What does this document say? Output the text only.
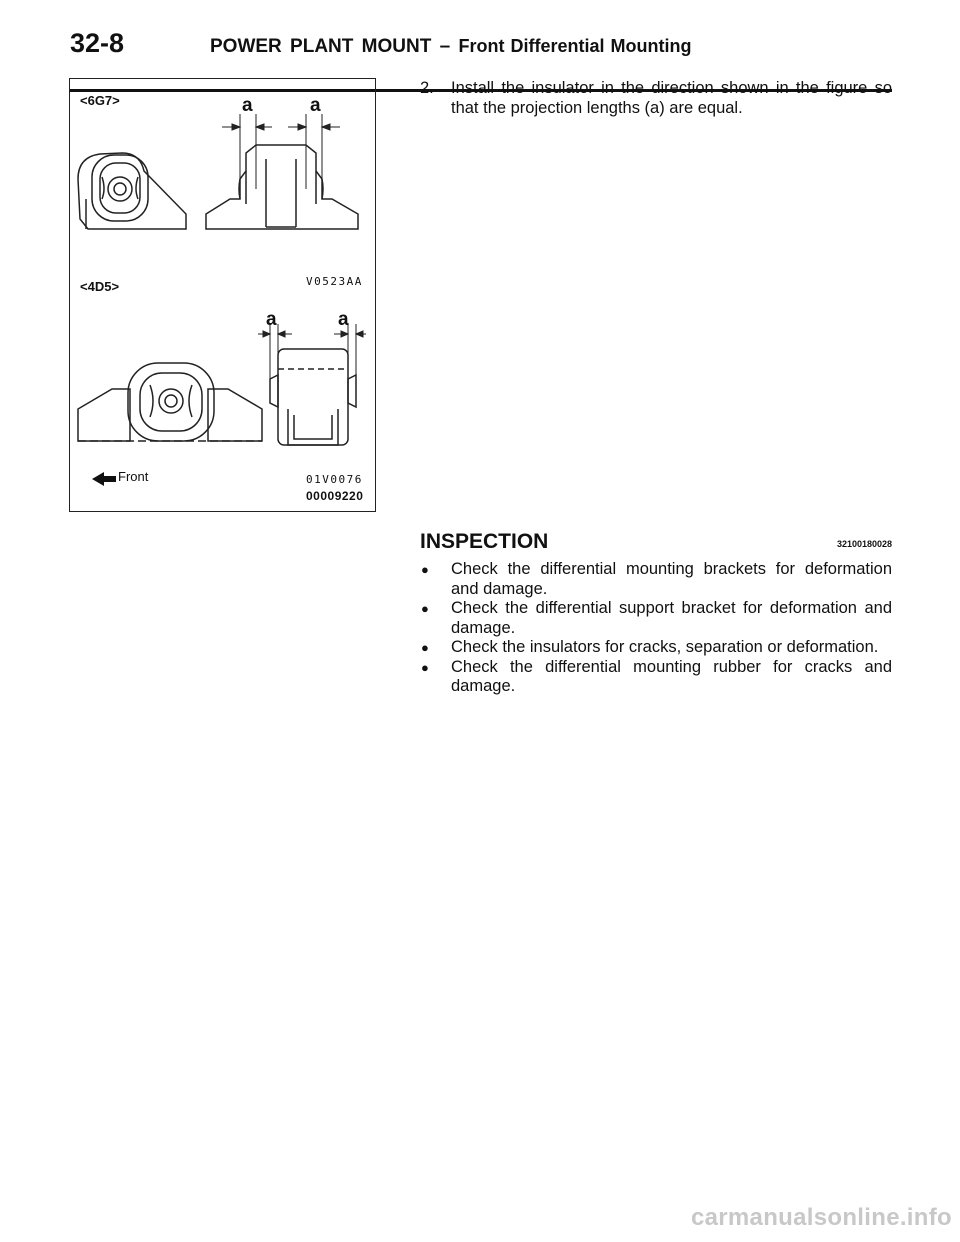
32-8	POWER PLANT MOUNT – Front Differential Mounting
<6G7>	a	a
V0523AA
<4D5>
a	a
Front	01V0076
00009220
2. Install the insulator in the direction shown in the figure so that the projection lengths (a) are equal.
INSPECTION	32100180028
● Check the differential mounting brackets for deformation and damage.
● Check the differential support bracket for deformation and damage.
● Check the insulators for cracks, separation or deformation.
● Check the differential mounting rubber for cracks and damage.
carmanualsonline.info
